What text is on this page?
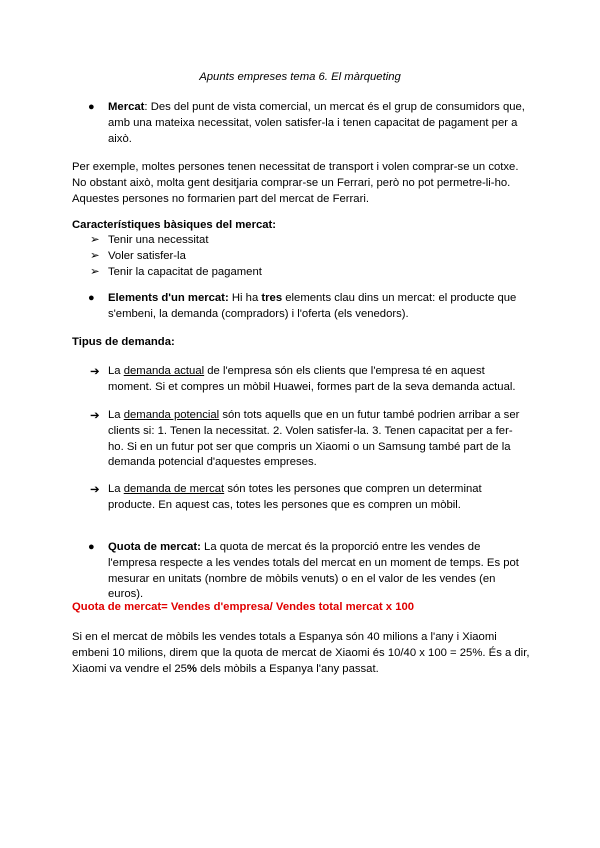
Apunts empreses tema 6. El màrqueting
● Mercat: Des del punt de vista comercial, un mercat és el grup de consumidors que, amb una mateixa necessitat, volen satisfer-la i tenen capacitat de pagament per a això.
Per exemple, moltes persones tenen necessitat de transport i volen comprar-se un cotxe.
No obstant això, molta gent desitjaria comprar-se un Ferrari, però no pot permetre-li-ho.
Aquestes persones no formarien part del mercat de Ferrari.
Característiques bàsiques del mercat:
➢ Tenir una necessitat
➢ Voler satisfer-la
➢ Tenir la capacitat de pagament
● Elements d'un mercat: Hi ha tres elements clau dins un mercat: el producte que s'embeni, la demanda (compradors) i l'oferta (els venedors).
Tipus de demanda:
➔ La demanda actual de l'empresa són els clients que l'empresa té en aquest moment. Si et compres un mòbil Huawei, formes part de la seva demanda actual.
➔ La demanda potencial són tots aquells que en un futur també podrien arribar a ser clients si: 1. Tenen la necessitat. 2. Volen satisfer-la. 3. Tenen capacitat per a fer-ho. Si en un futur pot ser que compris un Xiaomi o un Samsung també part de la demanda potencial d'aquestes empreses.
➔ La demanda de mercat són totes les persones que compren un determinat producte. En aquest cas, totes les persones que es compren un mòbil.
● Quota de mercat: La quota de mercat és la proporció entre les vendes de l'empresa respecte a les vendes totals del mercat en un moment de temps. Es pot mesurar en unitats (nombre de mòbils venuts) o en el valor de les vendes (en euros).
Quota de mercat= Vendes d'empresa/ Vendes total mercat x 100
Si en el mercat de mòbils les vendes totals a Espanya són 40 milions a l'any i Xiaomi embeni 10 milions, direm que la quota de mercat de Xiaomi és 10/40 x 100 = 25%. És a dir, Xiaomi va vendre el 25% dels mòbils a Espanya l'any passat.
